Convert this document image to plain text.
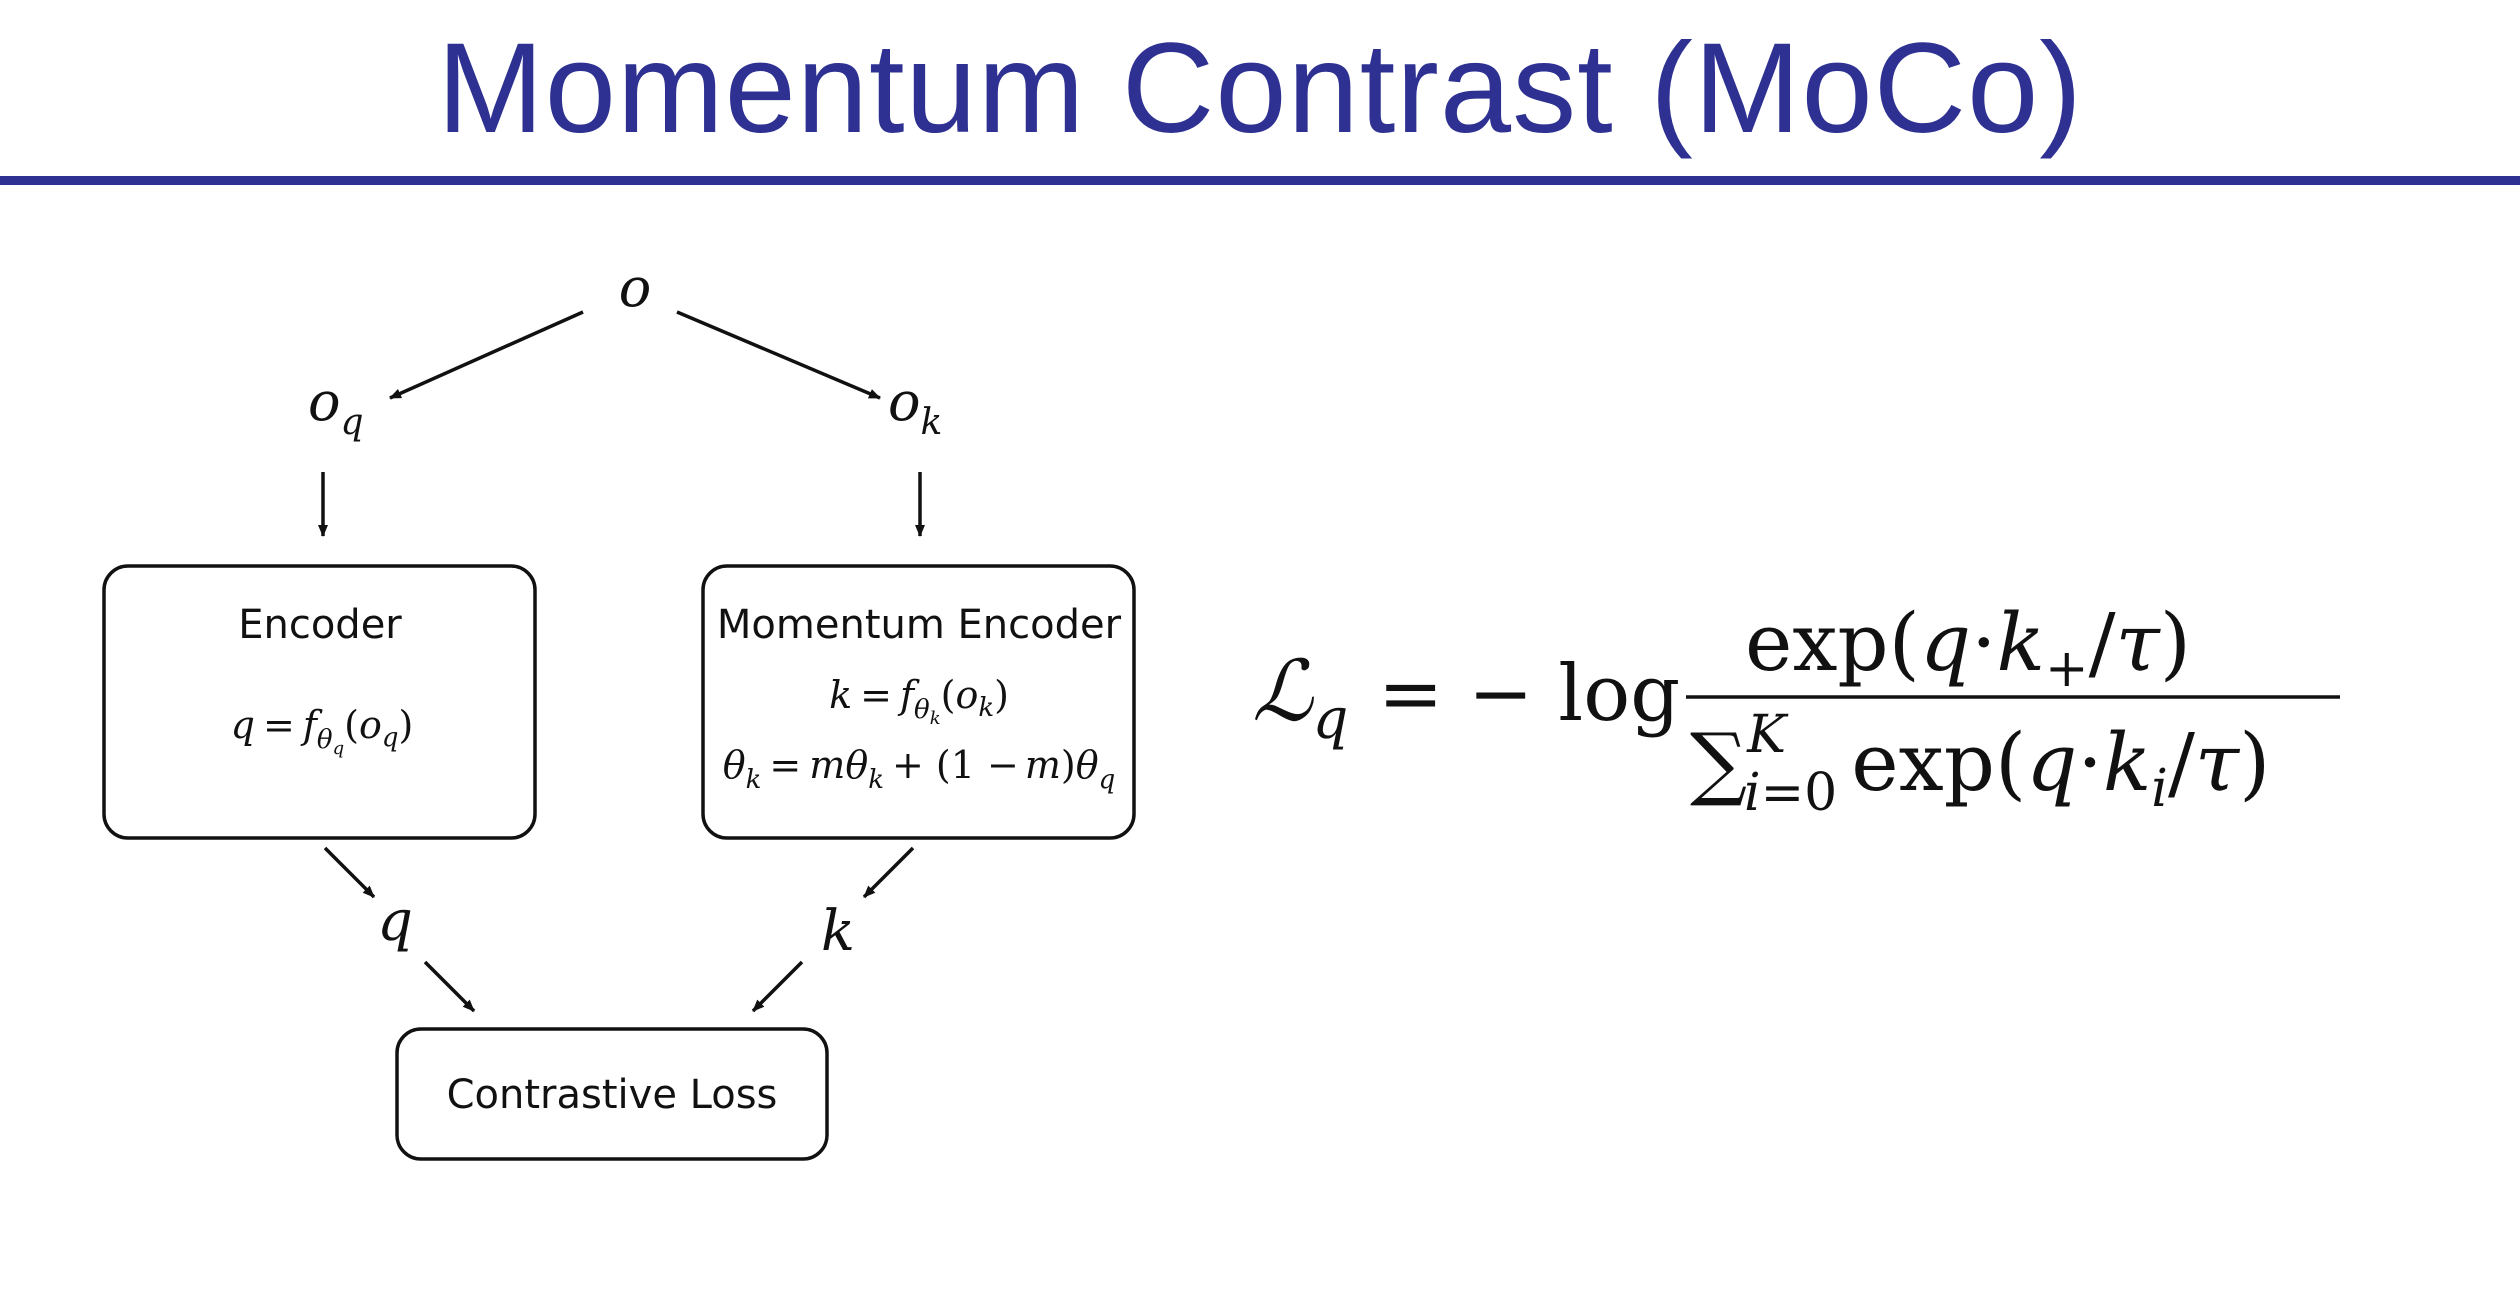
Momentum Contrast (MoCo)
o
$o_q$	$o_k$
Encoder
$q = f_\theta q(o_q)$
Momentum Encoder
$k = f_\theta k(o_k)$
$\theta_k = m\theta_k + (1 - m)\theta_q$
q	k
Contrastive Loss
ℒ$_q$ = − log
$\exp(q\cdot k_+/\tau)$
∑$^K$ i=0 $\exp(q\cdot k_i/\tau)$
